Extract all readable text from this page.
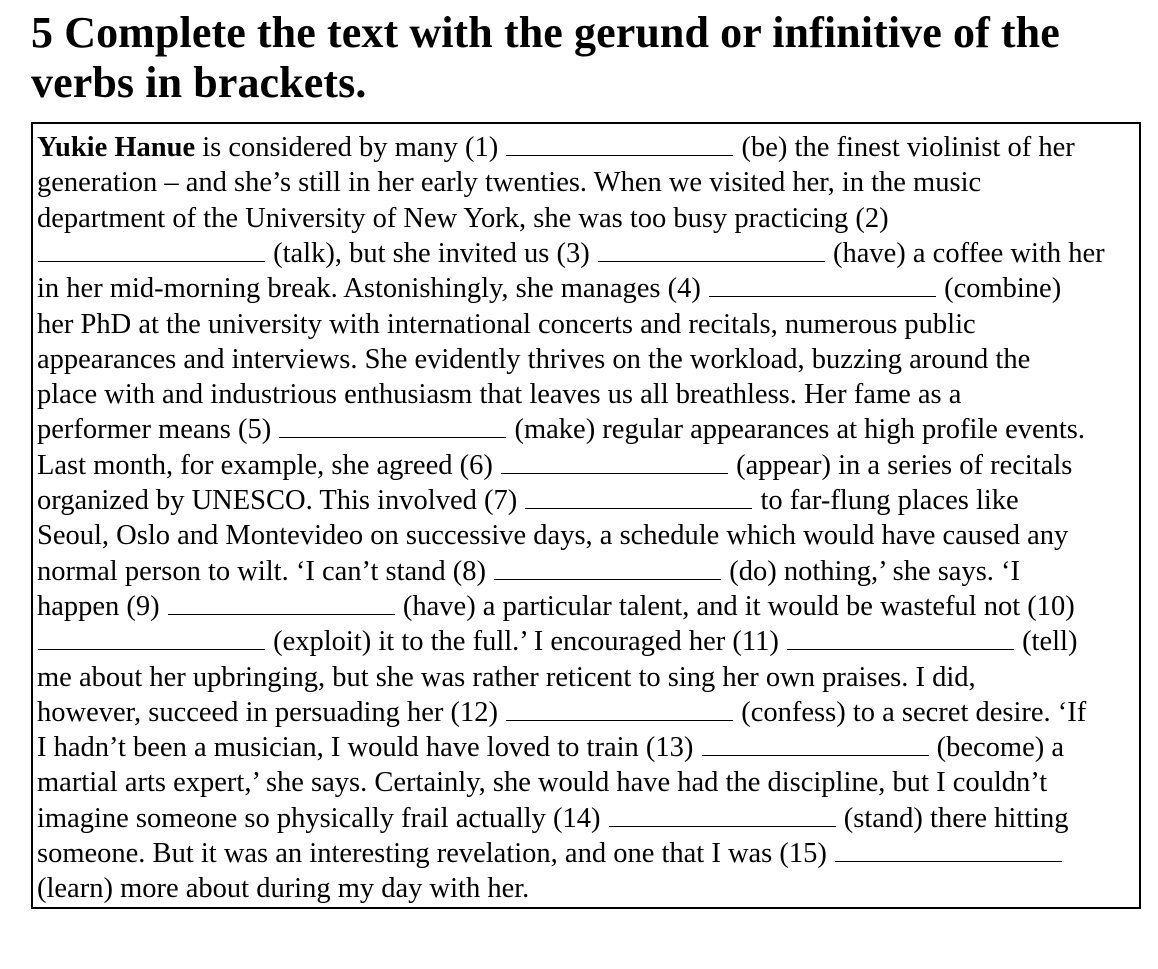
5 Complete the text with the gerund or infinitive of the verbs in brackets.
Yukie Hanue is considered by many (1)	(be) the finest violinist of her
generation – and she’s still in her early twenties. When we visited her, in the music
department of the University of New York, she was too busy practicing (2)
(talk), but she invited us (3)	(have) a coffee with her
in her mid-morning break. Astonishingly, she manages (4)	(combine)
her PhD at the university with international concerts and recitals, numerous public
appearances and interviews. She evidently thrives on the workload, buzzing around the
place with and industrious enthusiasm that leaves us all breathless. Her fame as a
performer means (5)	(make) regular appearances at high profile events.
Last month, for example, she agreed (6)	(appear) in a series of recitals
organized by UNESCO. This involved (7)	to far-flung places like
Seoul, Oslo and Montevideo on successive days, a schedule which would have caused any
normal person to wilt. ‘I can’t stand (8)	(do) nothing,’ she says. ‘I
happen (9)	(have) a particular talent, and it would be wasteful not (10)
(exploit) it to the full.’ I encouraged her (11)	(tell)
me about her upbringing, but she was rather reticent to sing her own praises. I did,
however, succeed in persuading her (12)	(confess) to a secret desire. ‘If
I hadn’t been a musician, I would have loved to train (13)	(become) a
martial arts expert,’ she says. Certainly, she would have had the discipline, but I couldn’t
imagine someone so physically frail actually (14)	(stand) there hitting
someone. But it was an interesting revelation, and one that I was (15)
(learn) more about during my day with her.
